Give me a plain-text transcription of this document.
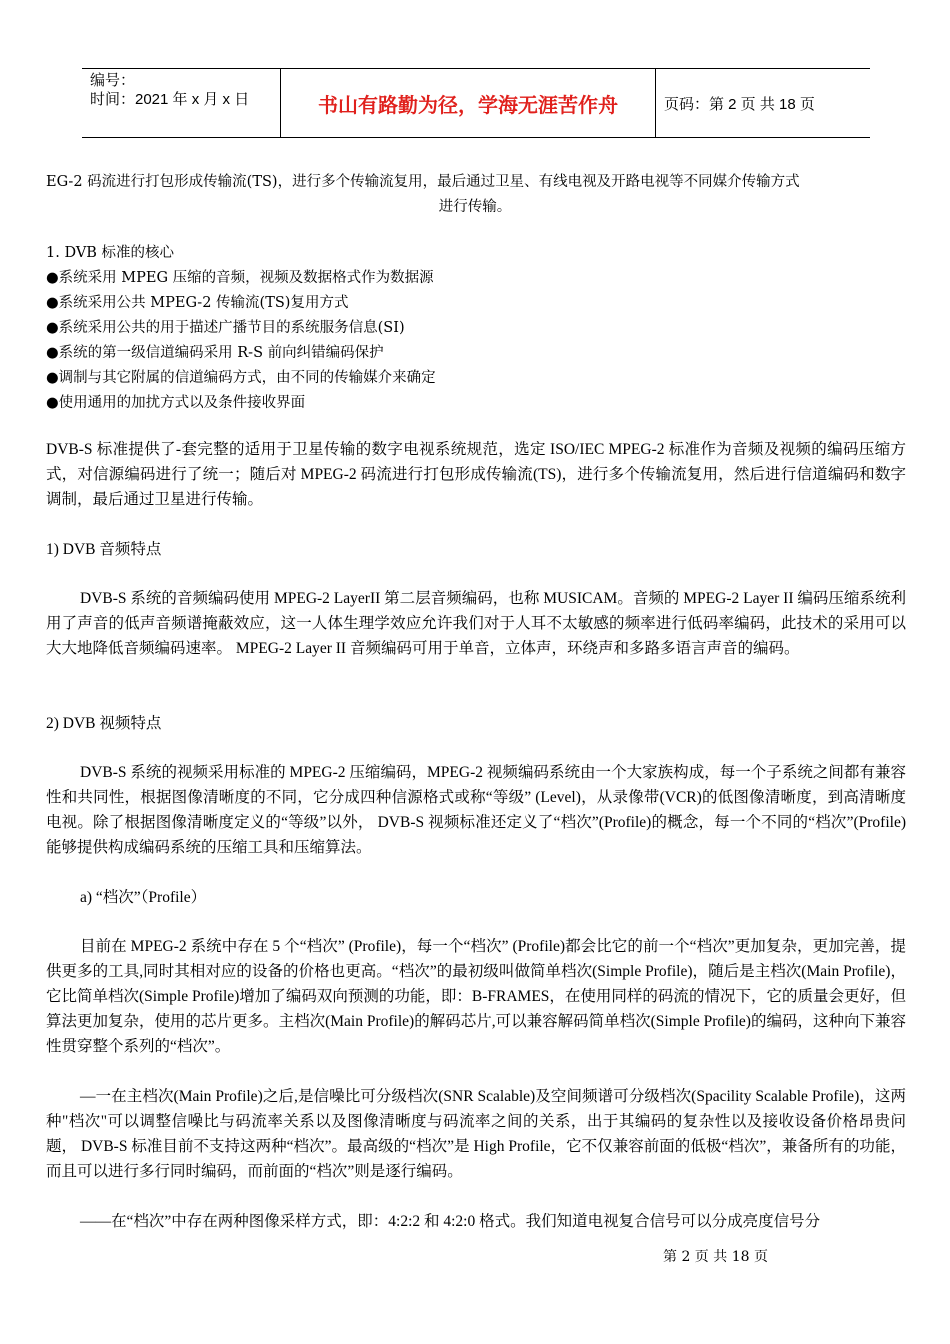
编号：
时间：2021 年 x 月 x 日	书山有路勤为径，学海无涯苦作舟	页码：第 2 页 共 18 页
EG-2 码流进行打包形成传输流(TS)，进行多个传输流复用，最后通过卫星、有线电视及开路电视等不同媒介传输方式
进行传输。
1. DVB 标准的核心
●系统采用 MPEG 压缩的音频，视频及数据格式作为数据源
●系统采用公共 MPEG-2 传输流(TS)复用方式
●系统采用公共的用于描述广播节目的系统服务信息(SI)
●系统的第一级信道编码采用 R-S 前向纠错编码保护
●调制与其它附属的信道编码方式，由不同的传输媒介来确定
●使用通用的加扰方式以及条件接收界面
DVB-S 标准提供了-套完整的适用于卫星传输的数字电视系统规范，选定 ISO/IEC MPEG-2 标准作为音频及视频的编码压缩方式，对信源编码进行了统一；随后对 MPEG-2 码流进行打包形成传输流(TS)，进行多个传输流复用，然后进行信道编码和数字调制，最后通过卫星进行传输。
1) DVB 音频特点
DVB-S 系统的音频编码使用 MPEG-2 LayerII 第二层音频编码，也称 MUSICAM。音频的 MPEG-2 Layer II 编码压缩系统利用了声音的低声音频谱掩蔽效应，这一人体生理学效应允许我们对于人耳不太敏感的频率进行低码率编码，此技术的采用可以大大地降低音频编码速率。 MPEG-2 Layer II 音频编码可用于单音，立体声，环绕声和多路多语言声音的编码。
2) DVB 视频特点
DVB-S 系统的视频采用标准的 MPEG-2 压缩编码，MPEG-2 视频编码系统由一个大家族构成，每一个子系统之间都有兼容性和共同性，根据图像清晰度的不同，它分成四种信源格式或称“等级” (Level)，从录像带(VCR)的低图像清晰度，到高清晰度电视。除了根据图像清晰度定义的“等级”以外， DVB-S 视频标准还定义了“档次”(Profile)的概念，每一个不同的“档次”(Profile)能够提供构成编码系统的压缩工具和压缩算法。
a) “档次”（Profile）
目前在 MPEG-2 系统中存在 5 个“档次” (Profile)，每一个“档次” (Profile)都会比它的前一个“档次”更加复杂，更加完善，提供更多的工具,同时其相对应的设备的价格也更高。“档次”的最初级叫做简单档次(Simple Profile)，随后是主档次(Main Profile)，它比简单档次(Simple Profile)增加了编码双向预测的功能，即：B-FRAMES，在使用同样的码流的情况下，它的质量会更好，但算法更加复杂，使用的芯片更多。主档次(Main Profile)的解码芯片,可以兼容解码简单档次(Simple Profile)的编码，这种向下兼容性贯穿整个系列的“档次”。
—一在主档次(Main Profile)之后,是信噪比可分级档次(SNR Scalable)及空间频谱可分级档次(Spacility Scalable Profile)，这两种"档次"可以调整信噪比与码流率关系以及图像清晰度与码流率之间的关系，出于其编码的复杂性以及接收设备价格昂贵问题， DVB-S 标准目前不支持这两种“档次”。最高级的“档次”是 High Profile，它不仅兼容前面的低极“档次”，兼备所有的功能，而且可以进行多行同时编码，而前面的“档次”则是逐行编码。
——在“档次”中存在两种图像采样方式，即：4:2:2 和 4:2:0 格式。我们知道电视复合信号可以分成亮度信号分
第 2 页 共 18 页
